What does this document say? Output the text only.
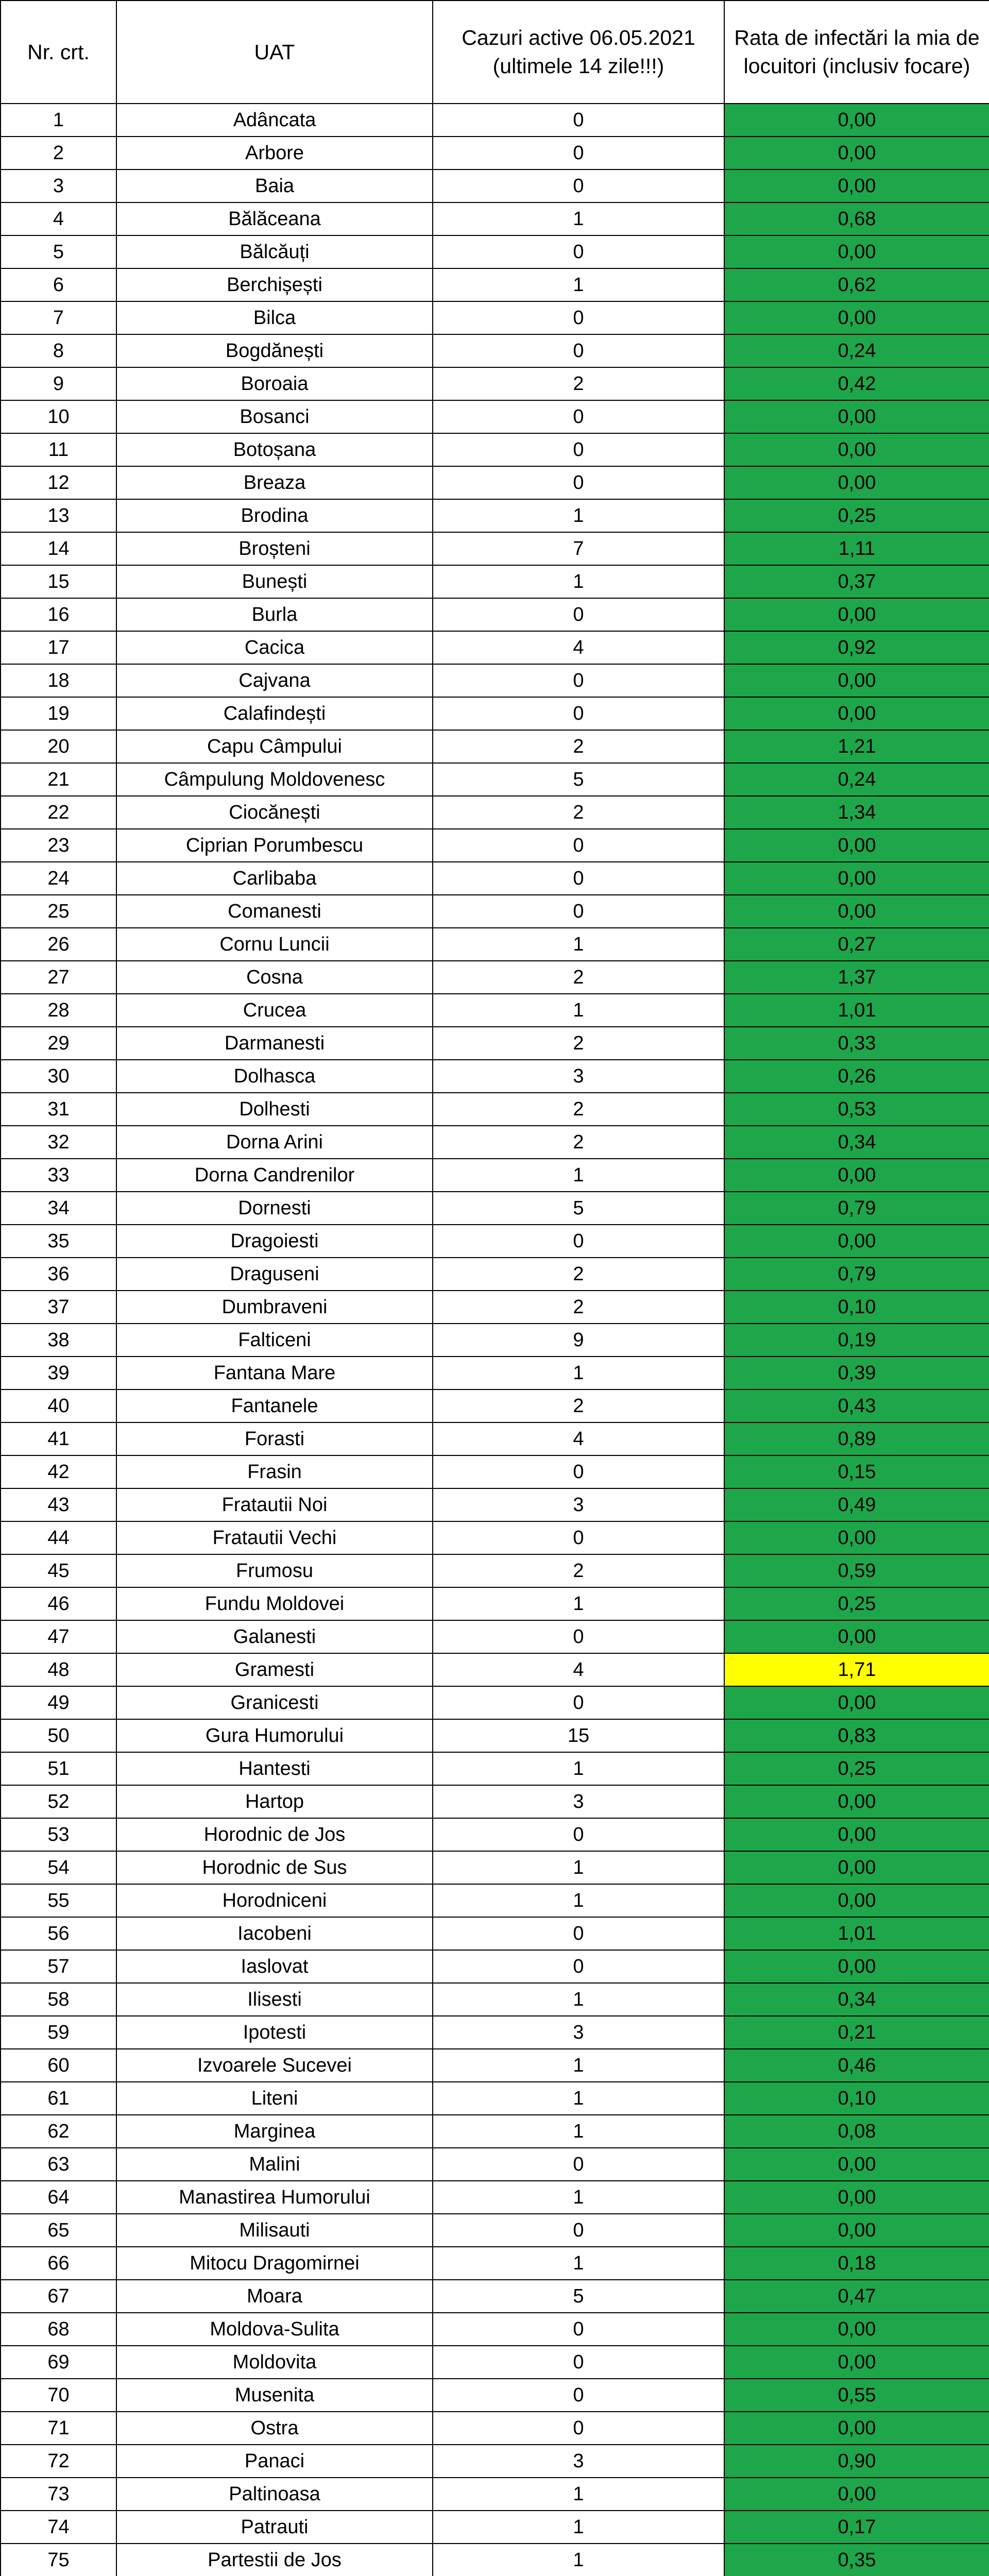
Nr. crt.	UAT	Cazuri active 06.05.2021 (ultimele 14 zile!!!)	Rata de infectări la mia de locuitori (inclusiv focare)
1	Adâncata	0	0,00
2	Arbore	0	0,00
3	Baia	0	0,00
4	Bălăceana	1	0,68
5	Bălcăuți	0	0,00
6	Berchișești	1	0,62
7	Bilca	0	0,00
8	Bogdănești	0	0,24
9	Boroaia	2	0,42
10	Bosanci	0	0,00
11	Botoșana	0	0,00
12	Breaza	0	0,00
13	Brodina	1	0,25
14	Broșteni	7	1,11
15	Bunești	1	0,37
16	Burla	0	0,00
17	Cacica	4	0,92
18	Cajvana	0	0,00
19	Calafindești	0	0,00
20	Capu Câmpului	2	1,21
21	Câmpulung Moldovenesc	5	0,24
22	Ciocănești	2	1,34
23	Ciprian Porumbescu	0	0,00
24	Carlibaba	0	0,00
25	Comanesti	0	0,00
26	Cornu Luncii	1	0,27
27	Cosna	2	1,37
28	Crucea	1	1,01
29	Darmanesti	2	0,33
30	Dolhasca	3	0,26
31	Dolhesti	2	0,53
32	Dorna Arini	2	0,34
33	Dorna Candrenilor	1	0,00
34	Dornesti	5	0,79
35	Dragoiesti	0	0,00
36	Draguseni	2	0,79
37	Dumbraveni	2	0,10
38	Falticeni	9	0,19
39	Fantana Mare	1	0,39
40	Fantanele	2	0,43
41	Forasti	4	0,89
42	Frasin	0	0,15
43	Fratautii Noi	3	0,49
44	Fratautii Vechi	0	0,00
45	Frumosu	2	0,59
46	Fundu Moldovei	1	0,25
47	Galanesti	0	0,00
48	Gramesti	4	1,71
49	Granicesti	0	0,00
50	Gura Humorului	15	0,83
51	Hantesti	1	0,25
52	Hartop	3	0,00
53	Horodnic de Jos	0	0,00
54	Horodnic de Sus	1	0,00
55	Horodniceni	1	0,00
56	Iacobeni	0	1,01
57	Iaslovat	0	0,00
58	Ilisesti	1	0,34
59	Ipotesti	3	0,21
60	Izvoarele Sucevei	1	0,46
61	Liteni	1	0,10
62	Marginea	1	0,08
63	Malini	0	0,00
64	Manastirea Humorului	1	0,00
65	Milisauti	0	0,00
66	Mitocu Dragomirnei	1	0,18
67	Moara	5	0,47
68	Moldova-Sulita	0	0,00
69	Moldovita	0	0,00
70	Musenita	0	0,55
71	Ostra	0	0,00
72	Panaci	3	0,90
73	Paltinoasa	1	0,00
74	Patrauti	1	0,17
75	Partestii de Jos	1	0,35
